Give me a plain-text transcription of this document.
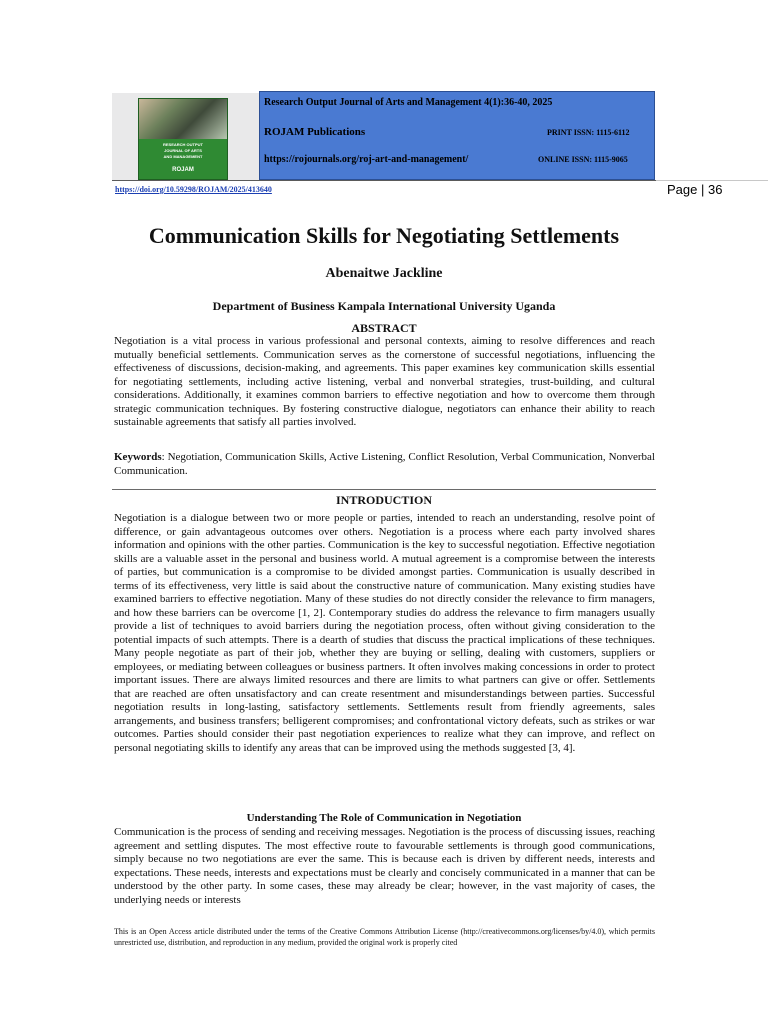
RESEARCH OUTPUT
JOURNAL OF ARTS
AND MANAGEMENT
ROJAM
Research Output Journal of Arts and Management 4(1):36-40, 2025
ROJAM Publications	PRINT ISSN: 1115-6112
https://rojournals.org/roj-art-and-management/	ONLINE ISSN: 1115-9065
https://doi.org/10.59298/ROJAM/2025/413640	Page | 36
Communication Skills for Negotiating Settlements
Abenaitwe Jackline
Department of Business Kampala International University Uganda
ABSTRACT
Negotiation is a vital process in various professional and personal contexts, aiming to resolve differences and reach mutually beneficial settlements. Communication serves as the cornerstone of successful negotiations, influencing the effectiveness of discussions, decision-making, and agreements. This paper examines key communication skills essential for negotiating settlements, including active listening, verbal and nonverbal strategies, trust-building, and cultural considerations. Additionally, it examines common barriers to effective negotiation and how to overcome them through strategic communication techniques. By fostering constructive dialogue, negotiators can enhance their ability to reach sustainable agreements that satisfy all parties involved.
Keywords: Negotiation, Communication Skills, Active Listening, Conflict Resolution, Verbal Communication, Nonverbal Communication.
INTRODUCTION
Negotiation is a dialogue between two or more people or parties, intended to reach an understanding, resolve point of difference, or gain advantageous outcomes over others. Negotiation is a process where each party involved shares information and opinions with the other parties. Communication is the key to successful negotiation. Effective negotiation skills are a valuable asset in the personal and business world. A mutual agreement is a compromise between the interests of parties, but communication is a compromise to be divided amongst parties. Communication is usually described in terms of its effectiveness, very little is said about the constructive nature of communication. Many existing studies have examined barriers to effective negotiation. Many of these studies do not directly consider the relevance to firm managers, and how these barriers can be overcome [1, 2]. Contemporary studies do address the relevance to firm managers usually provide a list of techniques to avoid barriers during the negotiation process, often without giving consideration to the potential impacts of such attempts. There is a dearth of studies that discuss the practical implications of these techniques. Many people negotiate as part of their job, whether they are buying or selling, dealing with customers, suppliers or employees, or mediating between colleagues or business partners. It often involves making concessions in order to protect important issues. There are always limited resources and there are limits to what partners can give or offer. Settlements that are reached are often unsatisfactory and can create resentment and misunderstandings between parties. Successful negotiation results in long-lasting, satisfactory settlements. Settlements result from friendly agreements, sales arrangements, and business transfers; belligerent compromises; and confrontational victory defeats, such as strikes or war outcomes. Parties should consider their past negotiation experiences to realize what they can improve, and reflect on personal negotiating skills to identify any areas that can be improved using the methods suggested [3, 4].
Understanding The Role of Communication in Negotiation
Communication is the process of sending and receiving messages. Negotiation is the process of discussing issues, reaching agreement and settling disputes. The most effective route to favourable settlements is through good communications, simply because no two negotiations are ever the same. This is because each is driven by different needs, interests and expectations. These needs, interests and expectations must be clearly and concisely communicated in a manner that can be understood by the other party. In some cases, these may already be clear; however, in the vast majority of cases, the underlying needs or interests
This is an Open Access article distributed under the terms of the Creative Commons Attribution License (http://creativecommons.org/licenses/by/4.0), which permits unrestricted use, distribution, and reproduction in any medium, provided the original work is properly cited
